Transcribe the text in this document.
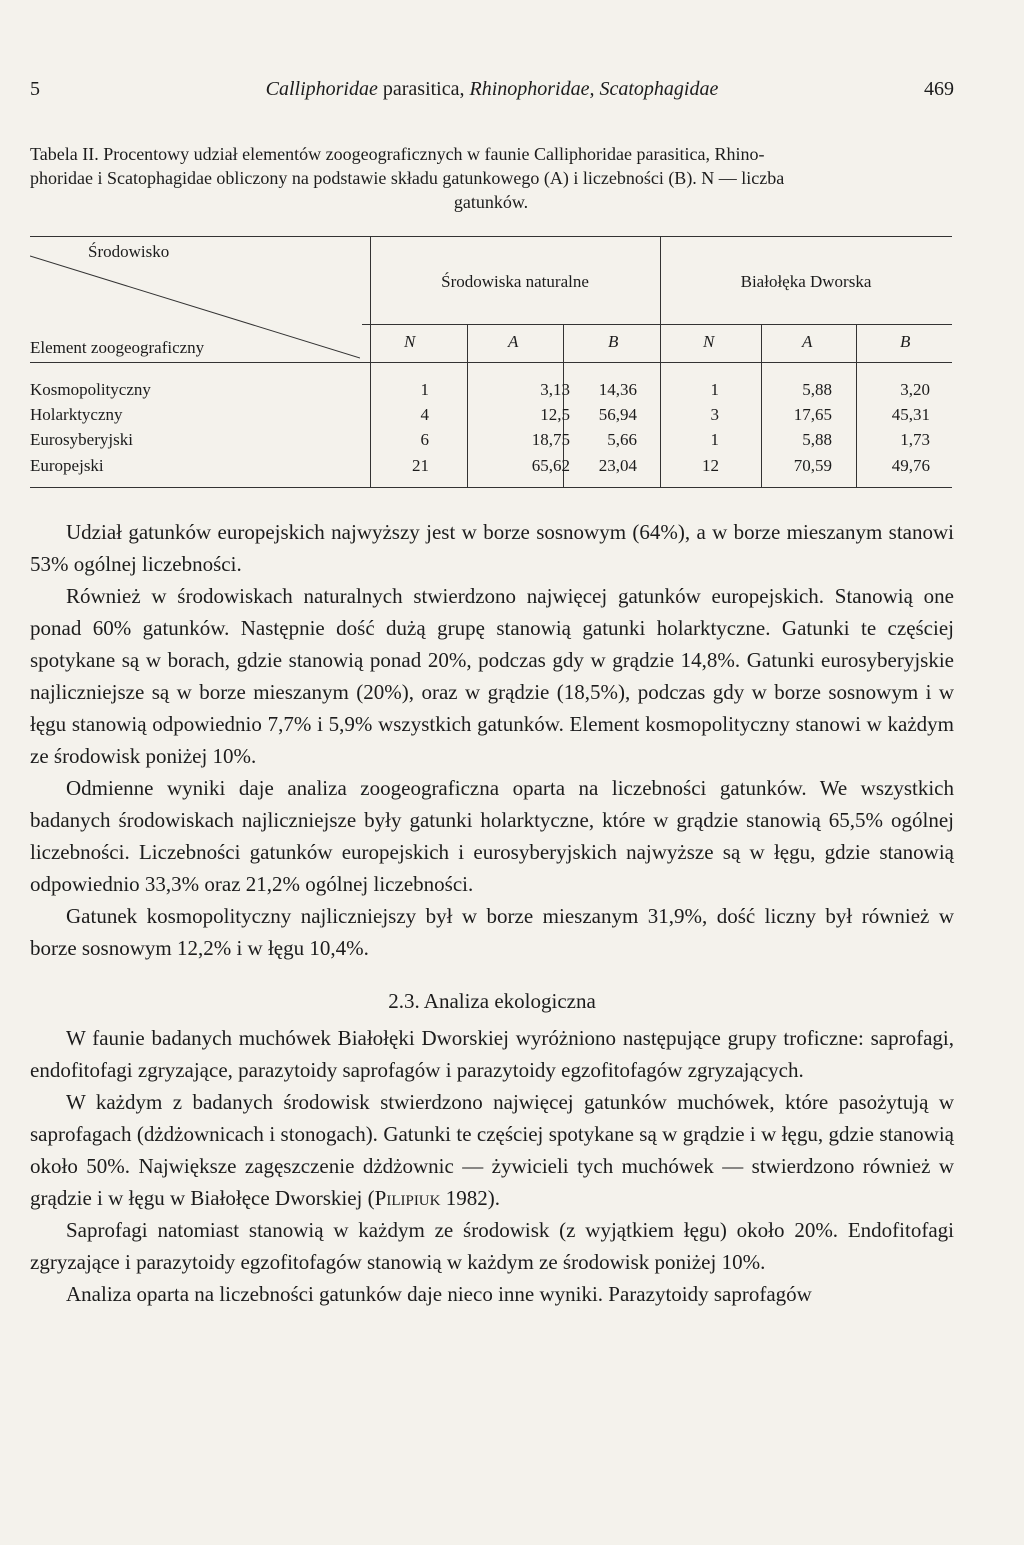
5	Calliphoridae parasitica, Rhinophoridae, Scatophagidae	469
Tabela II. Procentowy udział elementów zoogeograficznych w faunie Calliphoridae parasitica, Rhino-
phoridae i Scatophagidae obliczony na podstawie składu gatunkowego (A) i liczebności (B). N — liczba
gatunków.
Środowisko
Element zoogeograficzny
Środowiska naturalne	Białołęka Dworska
N	A	B	N	A	B
Kosmopolityczny	1	3,13	14,36	1	5,88	3,20
Holarktyczny	4	12,5	56,94	3	17,65	45,31
Eurosyberyjski	6	18,75	5,66	1	5,88	1,73
Europejski	21	65,62	23,04	12	70,59	49,76

Udział gatunków europejskich najwyższy jest w borze sosnowym (64%), a w borze mieszanym stanowi 53% ogólnej liczebności.

Również w środowiskach naturalnych stwierdzono najwięcej gatunków europejskich. Stanowią one ponad 60% gatunków. Następnie dość dużą grupę stanowią gatunki holarktyczne. Gatunki te częściej spotykane są w borach, gdzie stanowią ponad 20%, podczas gdy w grądzie 14,8%. Gatunki eurosyberyjskie najliczniejsze są w borze mieszanym (20%), oraz w grądzie (18,5%), podczas gdy w borze sosnowym i w łęgu stanowią odpowiednio 7,7% i 5,9% wszystkich gatunków. Element kosmopolityczny stanowi w każdym ze środowisk poniżej 10%.

Odmienne wyniki daje analiza zoogeograficzna oparta na liczebności gatunków. We wszystkich badanych środowiskach najliczniejsze były gatunki holarktyczne, które w grądzie stanowią 65,5% ogólnej liczebności. Liczebności gatunków europejskich i eurosyberyjskich najwyższe są w łęgu, gdzie stanowią odpowiednio 33,3% oraz 21,2% ogólnej liczebności.

Gatunek kosmopolityczny najliczniejszy był w borze mieszanym 31,9%, dość liczny był również w borze sosnowym 12,2% i w łęgu 10,4%.

2.3. Analiza ekologiczna

W faunie badanych muchówek Białołęki Dworskiej wyróżniono następujące grupy troficzne: saprofagi, endofitofagi zgryzające, parazytoidy saprofagów i parazytoidy egzofitofagów zgryzających.

W każdym z badanych środowisk stwierdzono najwięcej gatunków muchówek, które pasożytują w saprofagach (dżdżownicach i stonogach). Gatunki te częściej spotykane są w grądzie i w łęgu, gdzie stanowią około 50%. Największe zagęszczenie dżdżownic — żywicieli tych muchówek — stwierdzono również w grądzie i w łęgu w Białołęce Dworskiej (Pilipiuk 1982).

Saprofagi natomiast stanowią w każdym ze środowisk (z wyjątkiem łęgu) około 20%. Endofitofagi zgryzające i parazytoidy egzofitofagów stanowią w każdym ze środowisk poniżej 10%.

Analiza oparta na liczebności gatunków daje nieco inne wyniki. Parazytoidy saprofagów
